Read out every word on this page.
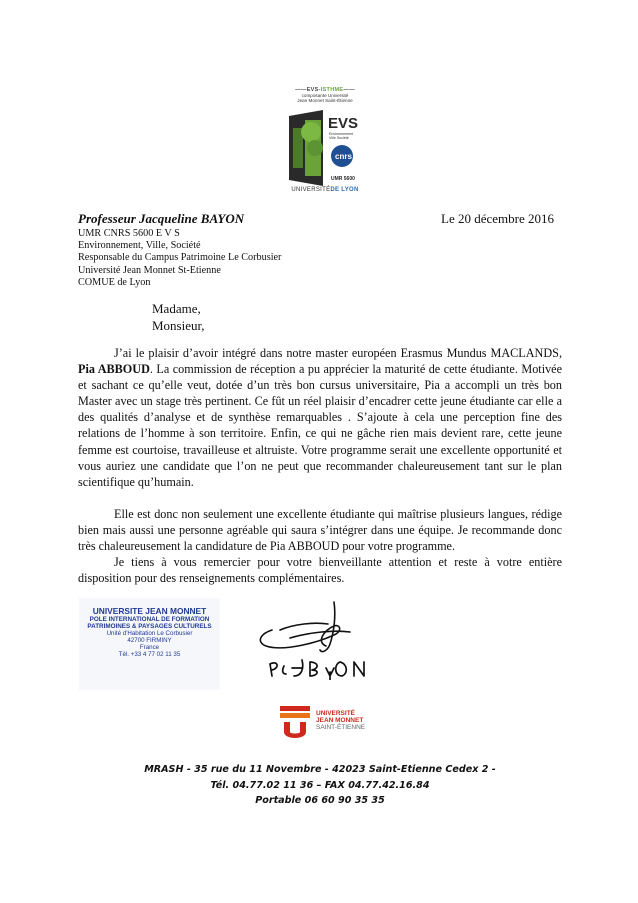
——EVS-ISTHME——
composante Université
Jean Monnet Saint-Étienne
EVS
Environnement
Ville Société
cnrs
UMR 5600
UNIVERSITÉDE LYON
Professeur Jacqueline BAYON	Le 20 décembre 2016
UMR CNRS 5600 E V S
Environnement, Ville, Société
Responsable du Campus Patrimoine Le Corbusier
Université Jean Monnet St-Etienne
COMUE de Lyon
Madame,
Monsieur,

J’ai le plaisir d’avoir intégré dans notre master européen Erasmus Mundus MACLANDS, Pia ABBOUD. La commission de réception a pu apprécier la maturité de cette étudiante. Motivée et sachant ce qu’elle veut, dotée d’un très bon cursus universitaire, Pia a accompli un très bon Master avec un stage très pertinent. Ce fût un réel plaisir d’encadrer cette jeune étudiante car elle a des qualités d’analyse et de synthèse remarquables . S’ajoute à cela une perception fine des relations de l’homme à son territoire. Enfin, ce qui ne gâche rien mais devient rare, cette jeune femme est courtoise, travailleuse et altruiste. Votre programme serait une excellente opportunité et vous auriez une candidate que l’on ne peut que recommander chaleureusement tant sur le plan scientifique qu’humain.

Elle est donc non seulement une excellente étudiante qui maîtrise plusieurs langues, rédige bien mais aussi une personne agréable qui saura s’intégrer dans une équipe. Je recommande donc très chaleureusement la candidature de Pia ABBOUD pour votre programme.

Je tiens à vous remercier pour votre bienveillante attention et reste à votre entière disposition pour des renseignements complémentaires.

UNIVERSITE JEAN MONNET
POLE INTERNATIONAL DE FORMATION
PATRIMOINES & PAYSAGES CULTURELS
Unité d'Habitation Le Corbusier
42700 FIRMINY
France
Tél. +33 4 77 02 11 35
UNIVERSITÉ
JEAN MONNET
SAINT-ÉTIENNE
MRASH - 35 rue du 11 Novembre - 42023 Saint-Etienne Cedex 2 -
Tél. 04.77.02 11 36 – FAX 04.77.42.16.84
Portable 06 60 90 35 35
